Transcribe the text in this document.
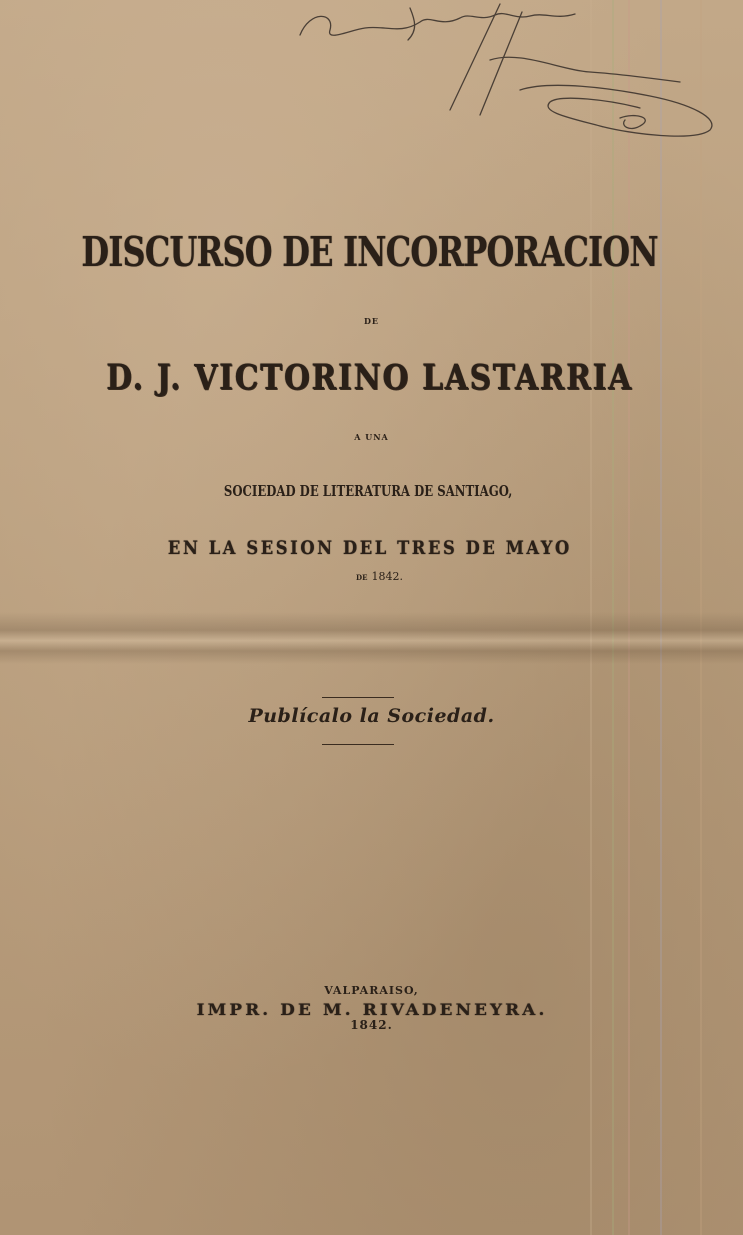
DISCURSO DE INCORPORACION
DE
D. J. VICTORINO LASTARRIA
A UNA
SOCIEDAD DE LITERATURA DE SANTIAGO,
EN LA SESION DEL TRES DE MAYO
DE 1842.
Publícalo la Sociedad.
VALPARAISO,
IMPR. DE M. RIVADENEYRA.
1842.
